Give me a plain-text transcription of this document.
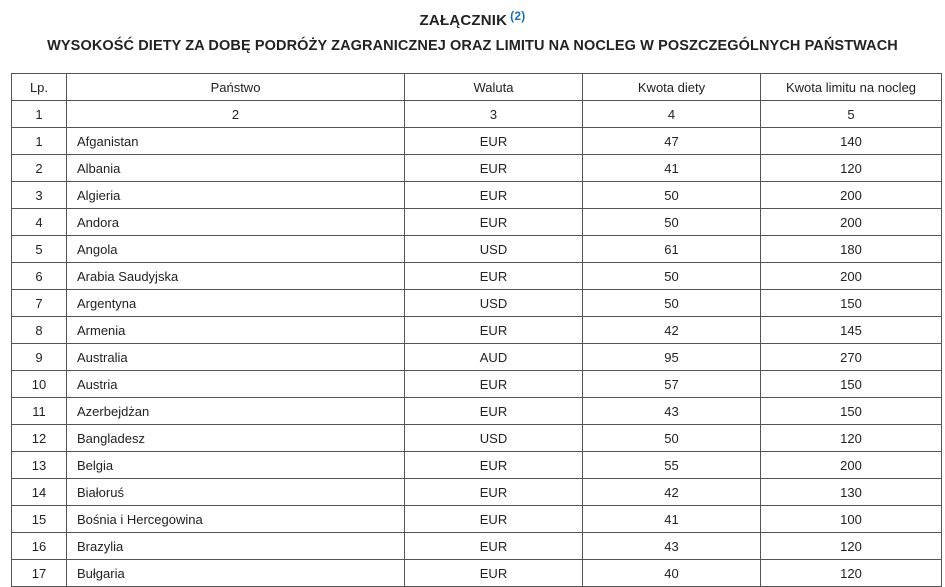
ZAŁĄCZNIK $^{(2)}$
WYSOKOŚĆ DIETY ZA DOBĘ PODRÓŻY ZAGRANICZNEJ ORAZ LIMITU NA NOCLEG W POSZCZEGÓLNYCH PAŃSTWACH
Lp.	Państwo	Waluta	Kwota diety	Kwota limitu na nocleg
1	2	3	4	5
1	Afganistan	EUR	47	140
2	Albania	EUR	41	120
3	Algieria	EUR	50	200
4	Andora	EUR	50	200
5	Angola	USD	61	180
6	Arabia Saudyjska	EUR	50	200
7	Argentyna	USD	50	150
8	Armenia	EUR	42	145
9	Australia	AUD	95	270
10	Austria	EUR	57	150
11	Azerbejdżan	EUR	43	150
12	Bangladesz	USD	50	120
13	Belgia	EUR	55	200
14	Białoruś	EUR	42	130
15	Bośnia i Hercegowina	EUR	41	100
16	Brazylia	EUR	43	120
17	Bułgaria	EUR	40	120
